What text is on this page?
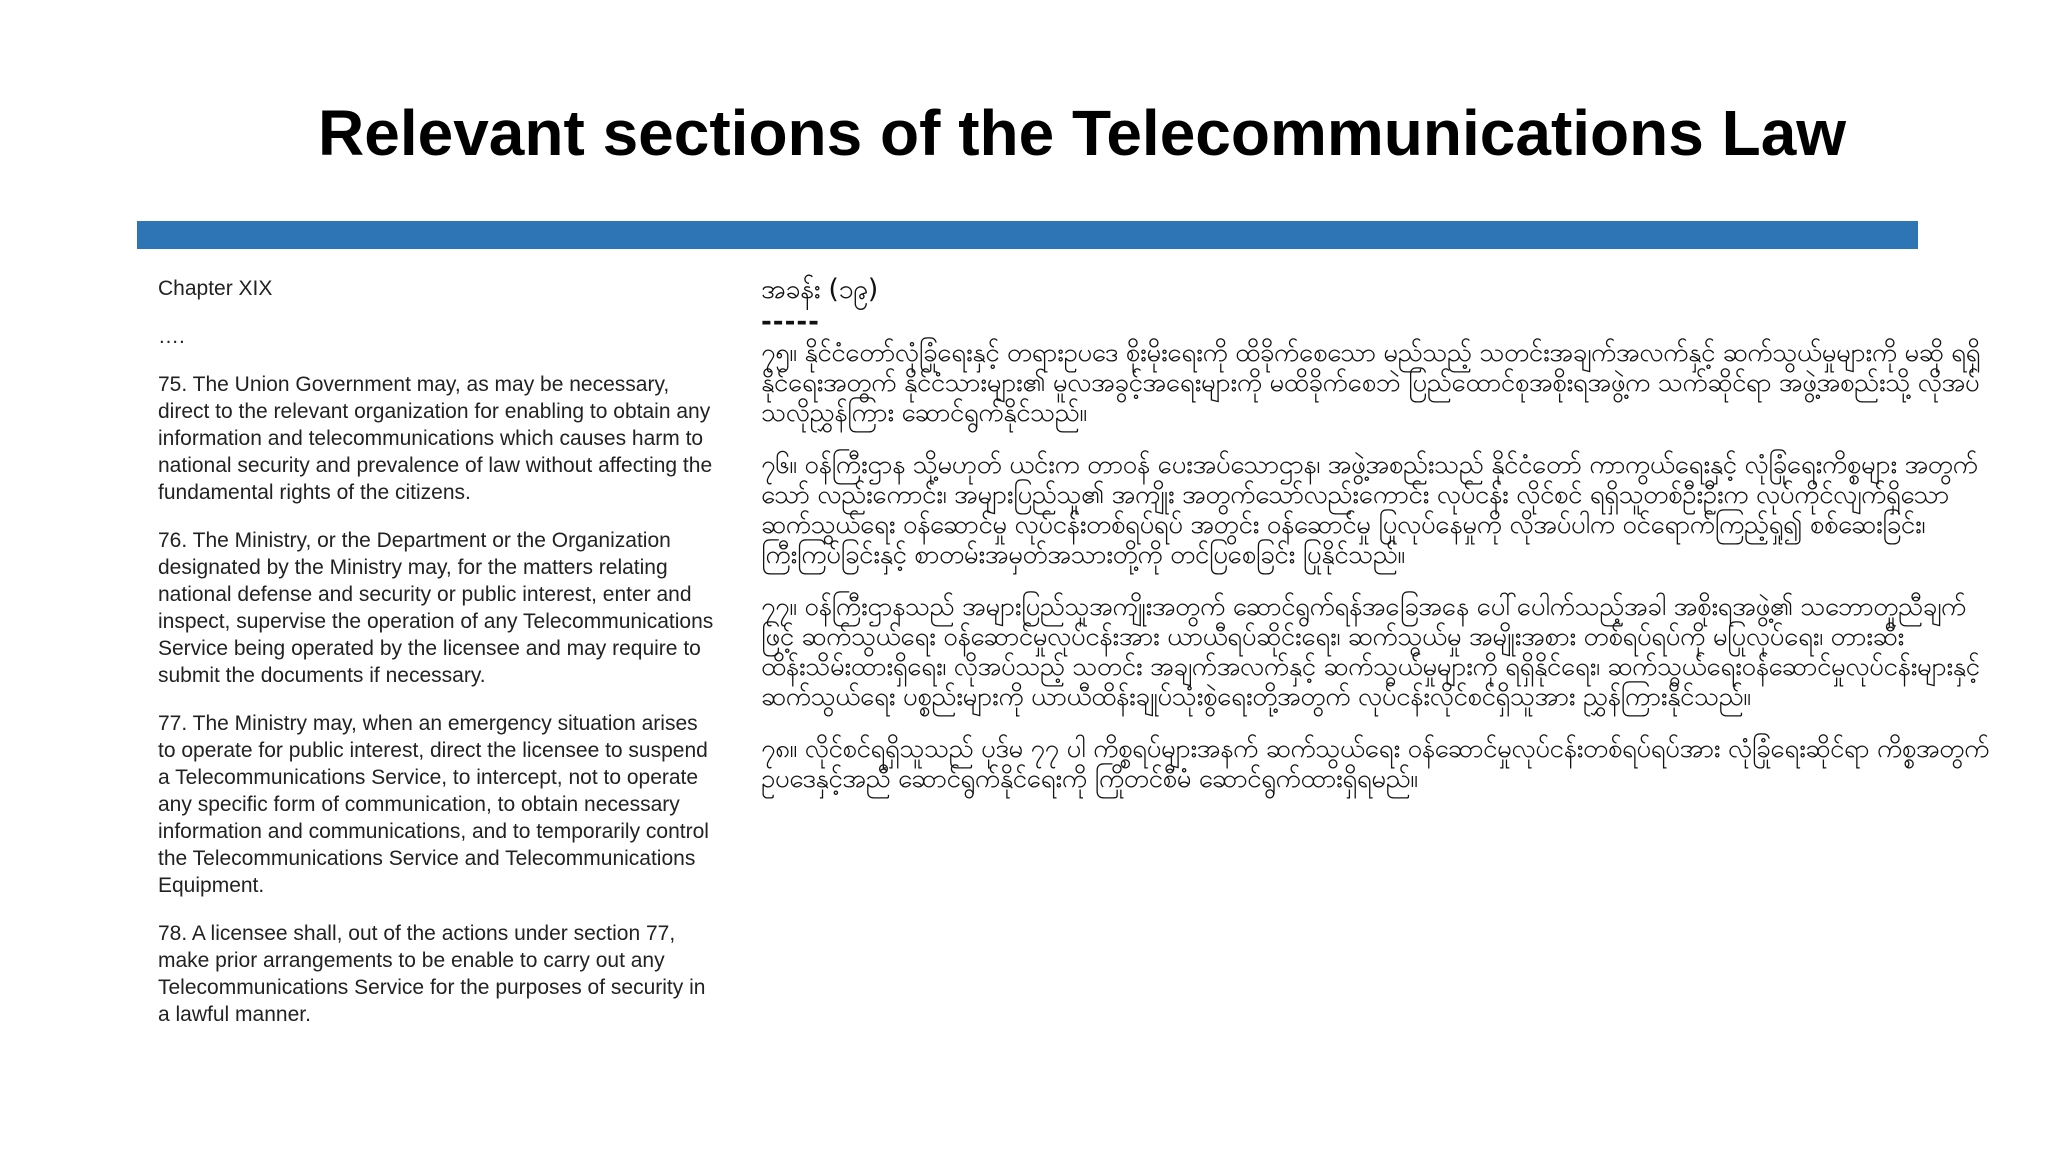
Relevant sections of the Telecommunications Law

Chapter XIX

….

75. The Union Government may, as may be necessary, direct to the relevant organization for enabling to obtain any information and telecommunications which causes harm to national security and prevalence of law without affecting the fundamental rights of the citizens.

76. The Ministry, or the Department or the Organization designated by the Ministry may, for the matters relating national defense and security or public interest, enter and inspect, supervise the operation of any Telecommunications Service being operated by the licensee and may require to submit the documents if necessary.

77. The Ministry may, when an emergency situation arises to operate for public interest, direct the licensee to suspend a Telecommunications Service, to intercept, not to operate any specific form of communication, to obtain necessary information and communications, and to temporarily control the Telecommunications Service and Telecommunications Equipment.

78. A licensee shall, out of the actions under section 77, make prior arrangements to be enable to carry out any Telecommunications Service for the purposes of security in a lawful manner.

အခန်း (၁၉)

-----

၇၅။ နိုင်ငံတော်လုံခြုံရေးနှင့် တရားဥပဒေ စိုးမိုးရေးကို ထိခိုက်စေသော မည်သည့် သတင်းအချက်အလက်နှင့် ဆက်သွယ်မှုများကို မဆို ရရှိနိုင်ရေးအတွက် နိုင်ငံသားများ၏ မူလအခွင့်အရေးများကို မထိခိုက်စေဘဲ ပြည်ထောင်စုအစိုးရအဖွဲ့က သက်ဆိုင်ရာ အဖွဲ့အစည်းသို့ လိုအပ်သလိုညွှန်ကြား ဆောင်ရွက်နိုင်သည်။

၇၆။ ဝန်ကြီးဌာန သို့မဟုတ် ယင်းက တာဝန် ပေးအပ်သောဌာန၊ အဖွဲ့အစည်းသည် နိုင်ငံတော် ကာကွယ်ရေးနှင့် လုံခြုံရေးကိစ္စများ အတွက် သော် လည်းကောင်း၊ အများပြည်သူ၏ အကျိုး အတွက်သော်လည်းကောင်း လုပ်ငန်း လိုင်စင် ရရှိသူတစ်ဦးဦးက လုပ်ကိုင်လျက်ရှိသော ဆက်သွယ်ရေး ဝန်ဆောင်မှု လုပ်ငန်းတစ်ရပ်ရပ် အတွင်း ဝန်ဆောင်မှု ပြုလုပ်နေမှုကို လိုအပ်ပါက ဝင်ရောက်ကြည့်ရှု၍ စစ်ဆေးခြင်း၊ ကြီးကြပ်ခြင်းနှင့် စာတမ်းအမှတ်အသားတို့ကို တင်ပြစေခြင်း ပြုနိုင်သည်။

၇၇။ ဝန်ကြီးဌာနသည် အများပြည်သူအကျိုးအတွက် ဆောင်ရွက်ရန်အခြေအနေ ပေါ်ပေါက်သည့်အခါ အစိုးရအဖွဲ့၏ သဘောတူညီချက်ဖြင့် ဆက်သွယ်ရေး ဝန်ဆောင်မှုလုပ်ငန်းအား ယာယီရပ်ဆိုင်းရေး၊ ဆက်သွယ်မှု အမျိုးအစား တစ်ရပ်ရပ်ကို မပြုလုပ်ရေး၊ တားဆီးထိန်းသိမ်းထားရှိရေး၊ လိုအပ်သည့် သတင်း အချက်အလက်နှင့် ဆက်သွယ်မှုများကို ရရှိနိုင်ရေး၊ ဆက်သွယ်ရေးဝန်ဆောင်မှုလုပ်ငန်းများနှင့် ဆက်သွယ်ရေး ပစ္စည်းများကို ယာယီထိန်းချုပ်သုံးစွဲရေးတို့အတွက် လုပ်ငန်းလိုင်စင်ရှိသူအား ညွှန်ကြားနိုင်သည်။

၇၈။ လိုင်စင်ရရှိသူသည် ပုဒ်မ ၇၇ ပါ ကိစ္စရပ်များအနက် ဆက်သွယ်ရေး ဝန်ဆောင်မှုလုပ်ငန်းတစ်ရပ်ရပ်အား လုံခြုံရေးဆိုင်ရာ ကိစ္စအတွက် ဥပဒေနှင့်အညီ ဆောင်ရွက်နိုင်ရေးကို ကြိုတင်စီမံ ဆောင်ရွက်ထားရှိရမည်။
